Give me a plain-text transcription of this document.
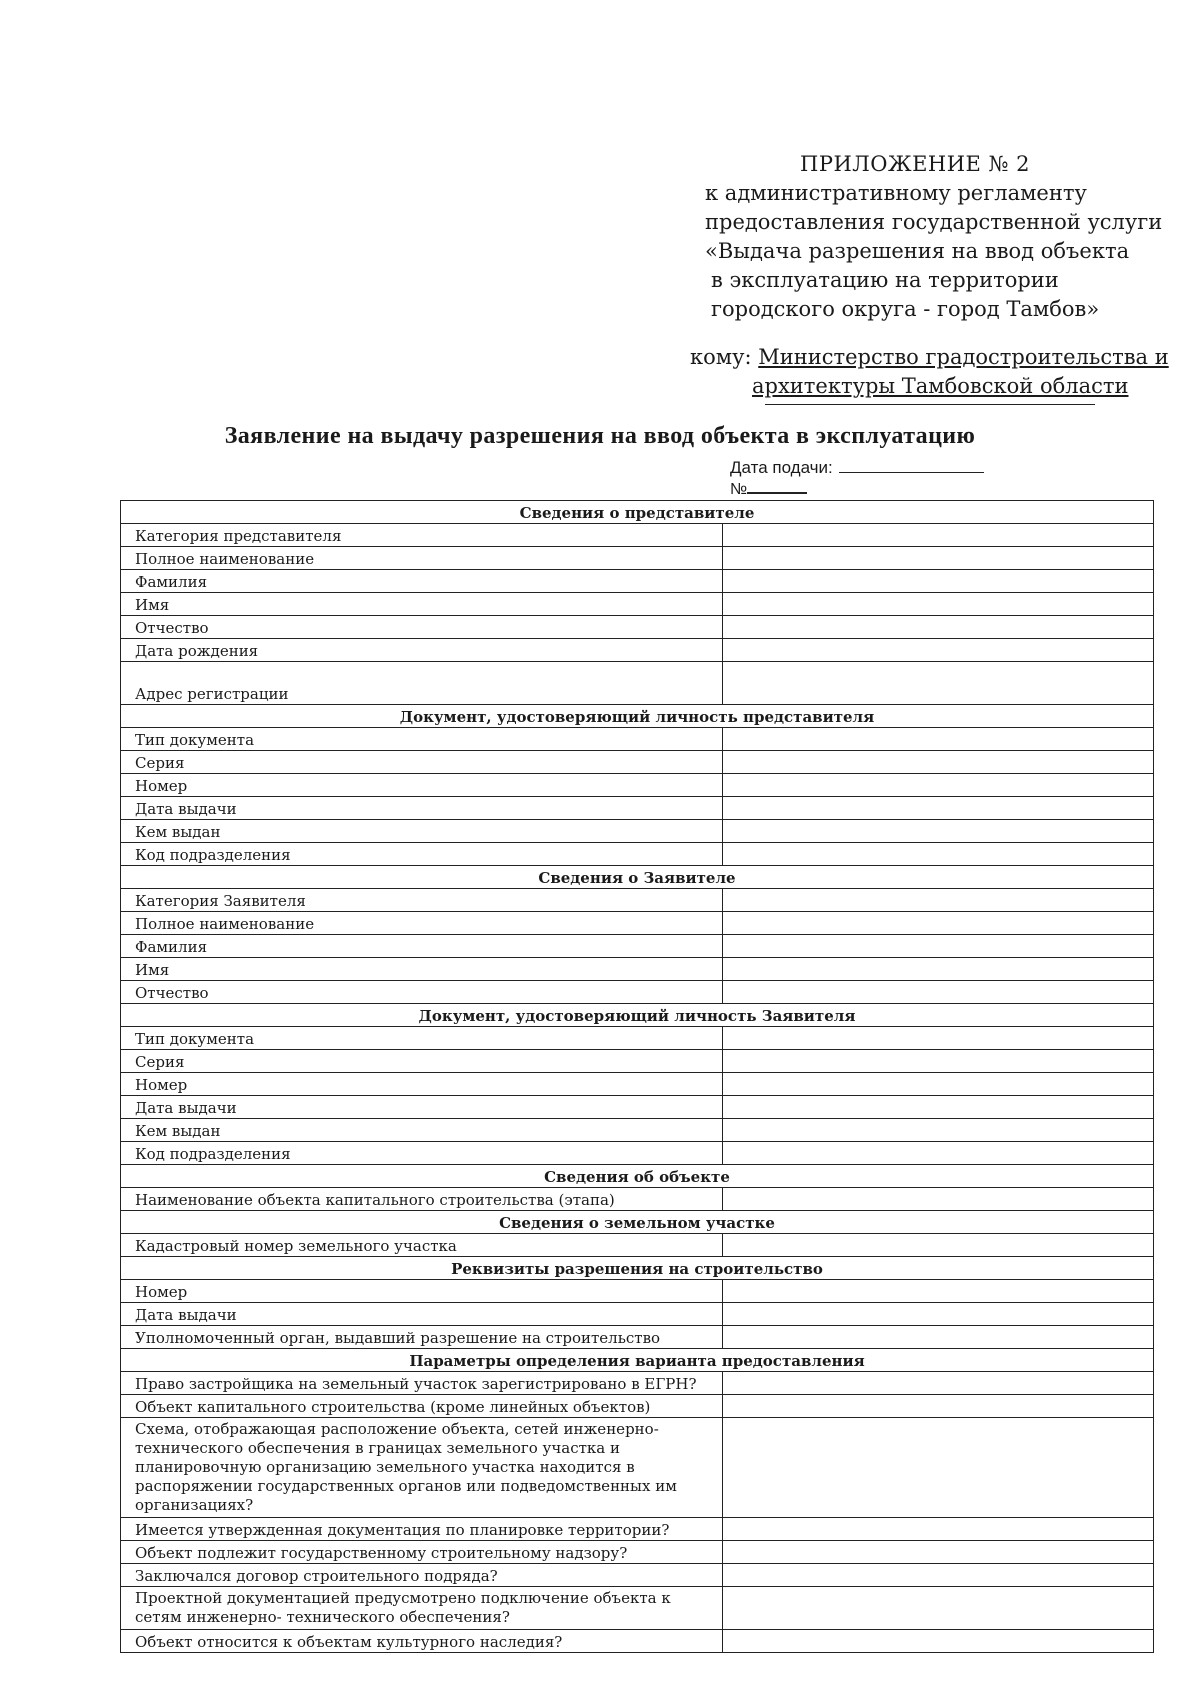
ПРИЛОЖЕНИЕ № 2
к административному регламенту
предоставления государственной услуги
«Выдача разрешения на ввод объекта
в эксплуатацию на территории
городского округа - город Тамбов»
кому: Министерство градостроительства и
архитектуры Тамбовской области
Заявление на выдачу разрешения на ввод объекта в эксплуатацию
Дата подачи:
№
Сведения о представителе	
Категория представителя	
Полное наименование	
Фамилия	
Имя	
Отчество	
Дата рождения	
Адрес регистрации	
Документ, удостоверяющий личность представителя	
Тип документа	
Серия	
Номер	
Дата выдачи	
Кем выдан	
Код подразделения	
Сведения о Заявителе	
Категория Заявителя	
Полное наименование	
Фамилия	
Имя	
Отчество	
Документ, удостоверяющий личность Заявителя	
Тип документа	
Серия	
Номер	
Дата выдачи	
Кем выдан	
Код подразделения	
Сведения об объекте	
Наименование объекта капитального строительства (этапа)	
Сведения о земельном участке	
Кадастровый номер земельного участка	
Реквизиты разрешения на строительство	
Номер	
Дата выдачи	
Уполномоченный орган, выдавший разрешение на строительство	
Параметры определения варианта предоставления	
Право застройщика на земельный участок зарегистрировано в ЕГРН?	
Объект капитального строительства (кроме линейных объектов)	

Схема, отображающая расположение объекта, сетей инженерно-
технического обеспечения в границах земельного участка и
планировочную организацию земельного участка находится в
распоряжении государственных органов или подведомственных им
организациях?	

Имеется утвержденная документация по планировке территории?	
Объект подлежит государственному строительному надзору?	
Заключался договор строительного подряда?	

Проектной документацией предусмотрено подключение объекта к
сетям инженерно- технического обеспечения?	

Объект относится к объектам культурного наследия?	
